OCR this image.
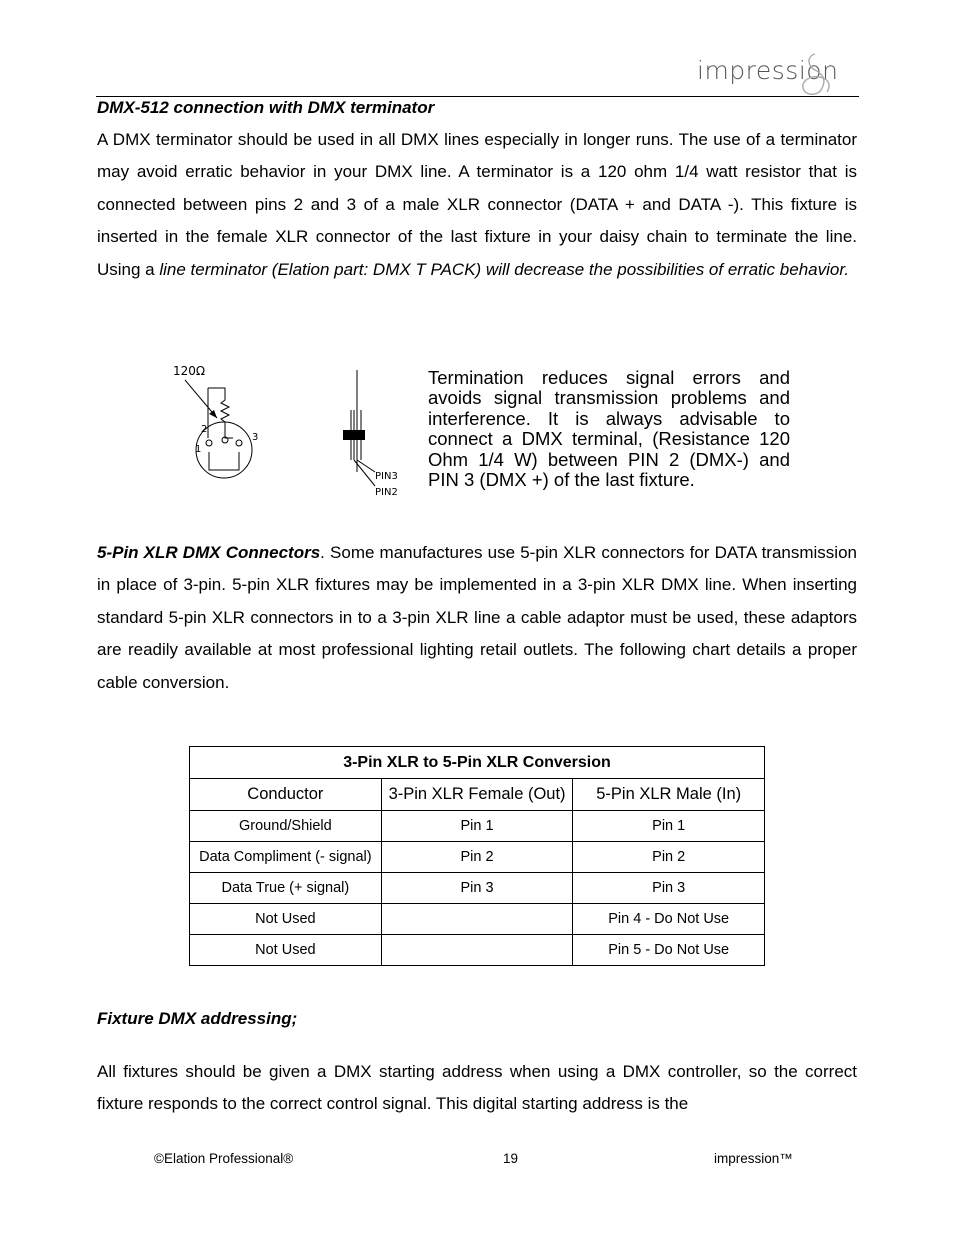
impression
DMX-512 connection with DMX terminator

A DMX terminator should be used in all DMX lines especially in longer runs. The use of a terminator may avoid erratic behavior in your DMX line. A terminator is a 120 ohm 1/4 watt resistor that is connected between pins 2 and 3 of a male XLR connector (DATA + and DATA -). This fixture is inserted in the female XLR connector of the last fixture in your daisy chain to terminate the line. Using a line terminator (Elation part: DMX T PACK) will decrease the possibilities of erratic behavior.

120Ω
1
2
3
PIN3
PIN2

Termination reduces signal errors and avoids signal transmission problems and interference. It is always advisable to connect a DMX terminal, (Resistance 120 Ohm 1/4 W) between PIN 2 (DMX-) and PIN 3 (DMX +) of the last fixture.

5-Pin XLR DMX Connectors. Some manufactures use 5-pin XLR connectors for DATA transmission in place of 3-pin. 5-pin XLR fixtures may be implemented in a 3-pin XLR DMX line. When inserting standard 5-pin XLR connectors in to a 3-pin XLR line a cable adaptor must be used, these adaptors are readily available at most professional lighting retail outlets. The following chart details a proper cable conversion.

3-Pin XLR to 5-Pin XLR Conversion		
Conductor	3-Pin XLR Female (Out)	5-Pin XLR Male (In)
Ground/Shield	Pin 1	Pin 1
Data Compliment (- signal)	Pin 2	Pin 2
Data True (+ signal)	Pin 3	Pin 3
Not Used		Pin 4 - Do Not Use
Not Used		Pin 5 - Do Not Use
Fixture DMX addressing;

All fixtures should be given a DMX starting address when using a DMX controller, so the correct fixture responds to the correct control signal. This digital starting address is the

©Elation Professional®	19	impression™
